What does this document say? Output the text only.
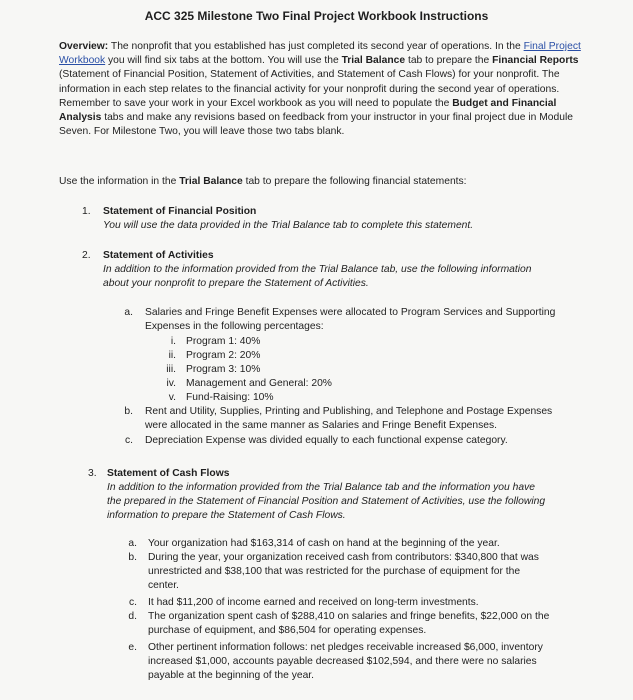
ACC 325 Milestone Two Final Project Workbook Instructions

Overview: The nonprofit that you established has just completed its second year of operations. In the Final Project Workbook you will find six tabs at the bottom. You will use the Trial Balance tab to prepare the Financial Reports (Statement of Financial Position, Statement of Activities, and Statement of Cash Flows) for your nonprofit. The information in each step relates to the financial activity for your nonprofit during the second year of operations. Remember to save your work in your Excel workbook as you will need to populate the Budget and Financial Analysis tabs and make any revisions based on feedback from your instructor in your final project due in Module Seven. For Milestone Two, you will leave those two tabs blank.

Use the information in the Trial Balance tab to prepare the following financial statements:

1. Statement of Financial Position
You will use the data provided in the Trial Balance tab to complete this statement.
2. Statement of Activities
In addition to the information provided from the Trial Balance tab, use the following information
about your nonprofit to prepare the Statement of Activities.
a. Salaries and Fringe Benefit Expenses were allocated to Program Services and Supporting
Expenses in the following percentages:
i. Program 1: 40%
ii. Program 2: 20%
iii. Program 3: 10%
iv. Management and General: 20%
v. Fund-Raising: 10%
b. Rent and Utility, Supplies, Printing and Publishing, and Telephone and Postage Expenses
were allocated in the same manner as Salaries and Fringe Benefit Expenses.
c. Depreciation Expense was divided equally to each functional expense category.
3. Statement of Cash Flows
In addition to the information provided from the Trial Balance tab and the information you have
the prepared in the Statement of Financial Position and Statement of Activities, use the following
information to prepare the Statement of Cash Flows.
a. Your organization had $163,314 of cash on hand at the beginning of the year.
b. During the year, your organization received cash from contributors: $340,800 that was
unrestricted and $38,100 that was restricted for the purchase of equipment for the
center.
c. It had $11,200 of income earned and received on long-term investments.
d. The organization spent cash of $288,410 on salaries and fringe benefits, $22,000 on the
purchase of equipment, and $86,504 for operating expenses.
e. Other pertinent information follows: net pledges receivable increased $6,000, inventory
increased $1,000, accounts payable decreased $102,594, and there were no salaries
payable at the beginning of the year.
